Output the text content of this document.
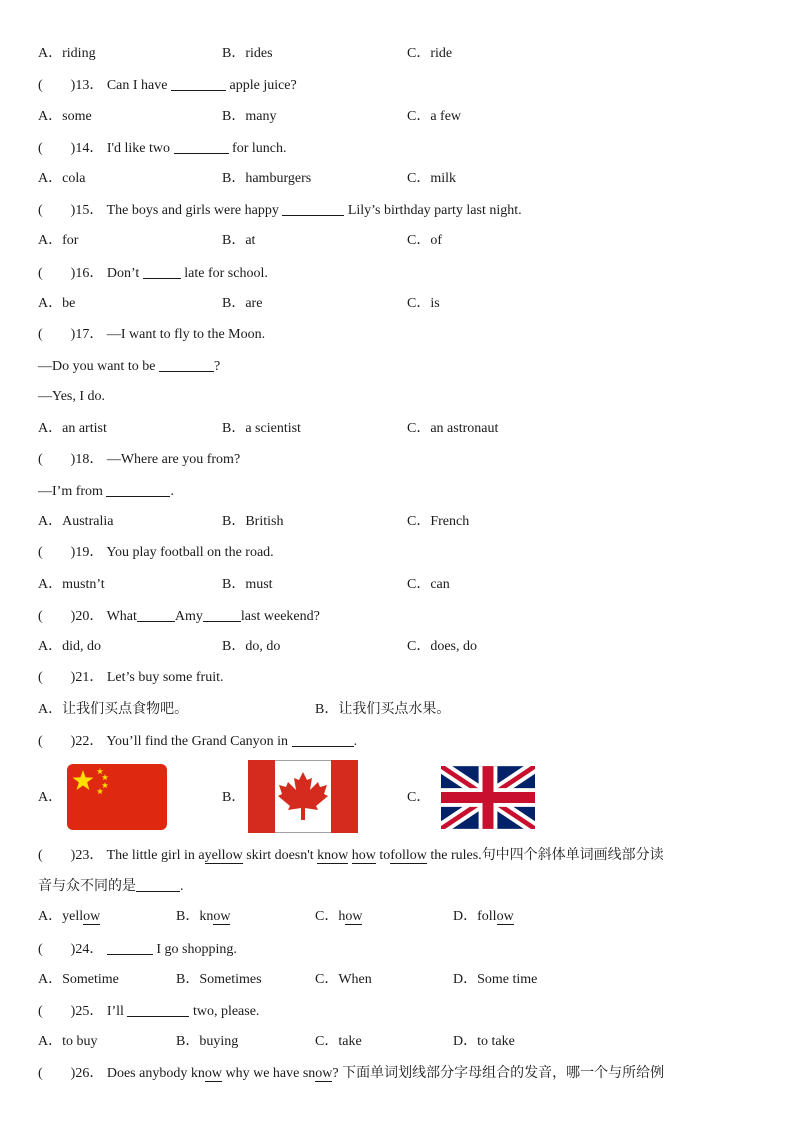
A．riding	B．rides	C．ride
( )13． Can I have	apple juice?
A．some	B．many	C．a few
( )14． I'd like two	for lunch.
A．cola	B．hamburgers	C．milk
( )15． The boys and girls were happy	Lily’s birthday party last night.
A．for	B．at	C．of
( )16． Don’t	late for school.
A．be	B．are	C．is
( )17． —I want to fly to the Moon.
—Do you want to be	?
—Yes, I do.
A．an artist	B．a scientist	C．an astronaut
( )18． —Where are you from?
—I’m from	.
A．Australia	B．British	C．French
( )19． You play football on the road.
A．mustn’t	B．must	C．can
( )20． What	Amy	last weekend?
A．did, do	B．do, do	C．does, do
( )21． Let’s buy some fruit.
A．让我们买点食物吧。	B．让我们买点水果。
( )22． You’ll find the Grand Canyon in	.
A．	B．	C．
( )23． The little girl in ayellow skirt doesn't know how tofollow the rules.句中四个斜体单词画线部分读
音与众不同的是	.
A．yellow	B．know	C．how	D．follow
( )24．	I go shopping.
A．Sometime	B．Sometimes	C．When	D．Some time
( )25． I’ll	two, please.
A．to buy	B．buying	C．take	D．to take
( )26． Does anybody know why we have snow? 下面单词划线部分字母组合的发音，哪一个与所给例
